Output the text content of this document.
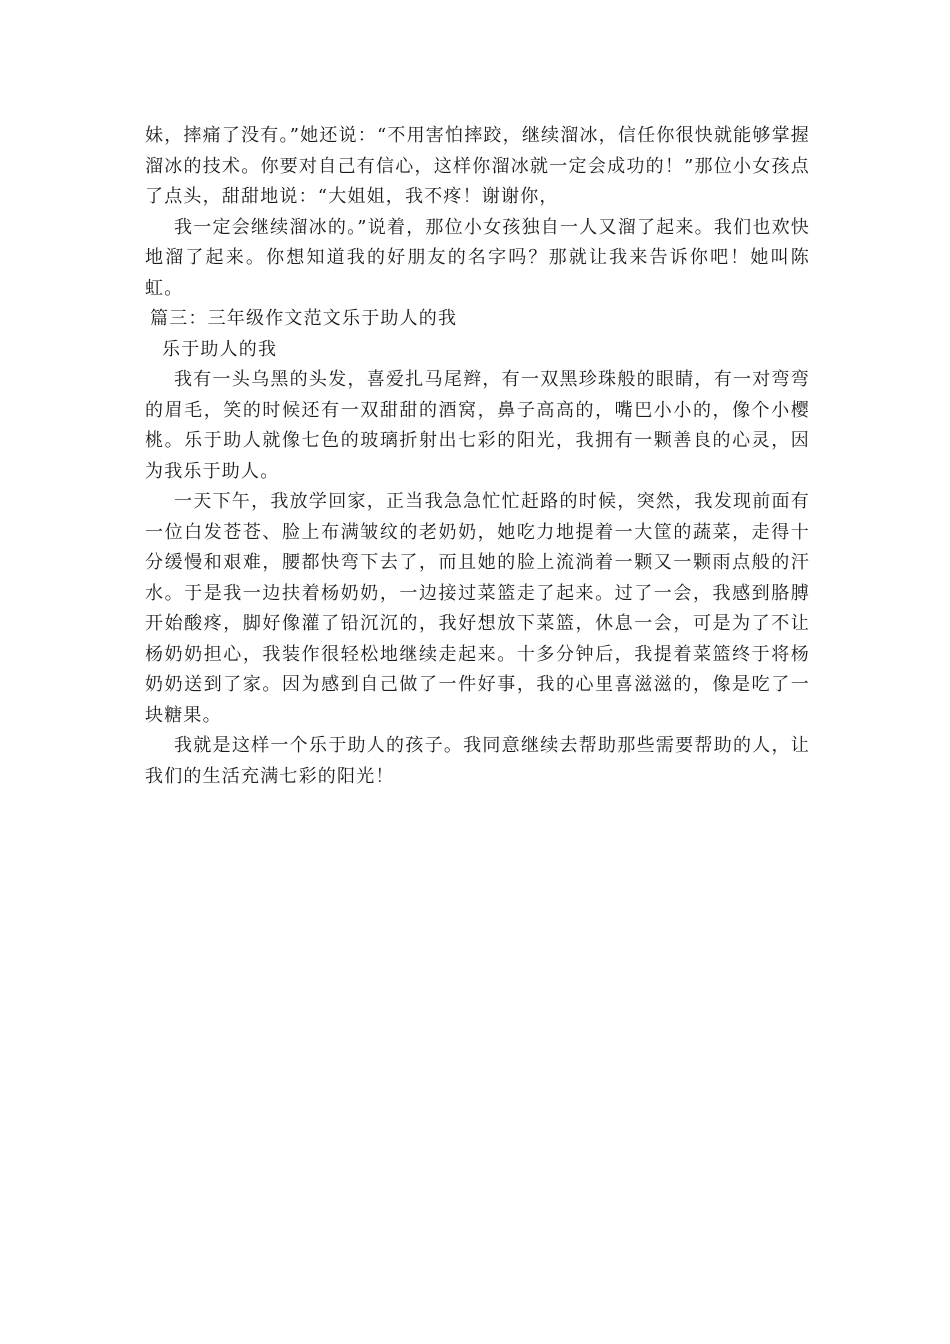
妹，摔痛了没有。”她还说：“不用害怕摔跤，继续溜冰，信任你很快就能够掌握溜冰的技术。你要对自己有信心，这样你溜冰就一定会成功的！”那位小女孩点了点头，甜甜地说：“大姐姐，我不疼！谢谢你，

我一定会继续溜冰的。”说着，那位小女孩独自一人又溜了起来。我们也欢快地溜了起来。你想知道我的好朋友的名字吗？那就让我来告诉你吧！她叫陈虹。

篇三：三年级作文范文乐于助人的我

乐于助人的我

我有一头乌黑的头发，喜爱扎马尾辫，有一双黑珍珠般的眼睛，有一对弯弯的眉毛，笑的时候还有一双甜甜的酒窝，鼻子高高的，嘴巴小小的，像个小樱桃。乐于助人就像七色的玻璃折射出七彩的阳光，我拥有一颗善良的心灵，因为我乐于助人。

一天下午，我放学回家，正当我急急忙忙赶路的时候，突然，我发现前面有一位白发苍苍、脸上布满皱纹的老奶奶，她吃力地提着一大筐的蔬菜，走得十分缓慢和艰难，腰都快弯下去了，而且她的脸上流淌着一颗又一颗雨点般的汗水。于是我一边扶着杨奶奶，一边接过菜篮走了起来。过了一会，我感到胳膊开始酸疼，脚好像灌了铅沉沉的，我好想放下菜篮，休息一会，可是为了不让杨奶奶担心，我装作很轻松地继续走起来。十多分钟后，我提着菜篮终于将杨奶奶送到了家。因为感到自己做了一件好事，我的心里喜滋滋的，像是吃了一块糖果。

我就是这样一个乐于助人的孩子。我同意继续去帮助那些需要帮助的人，让我们的生活充满七彩的阳光！
